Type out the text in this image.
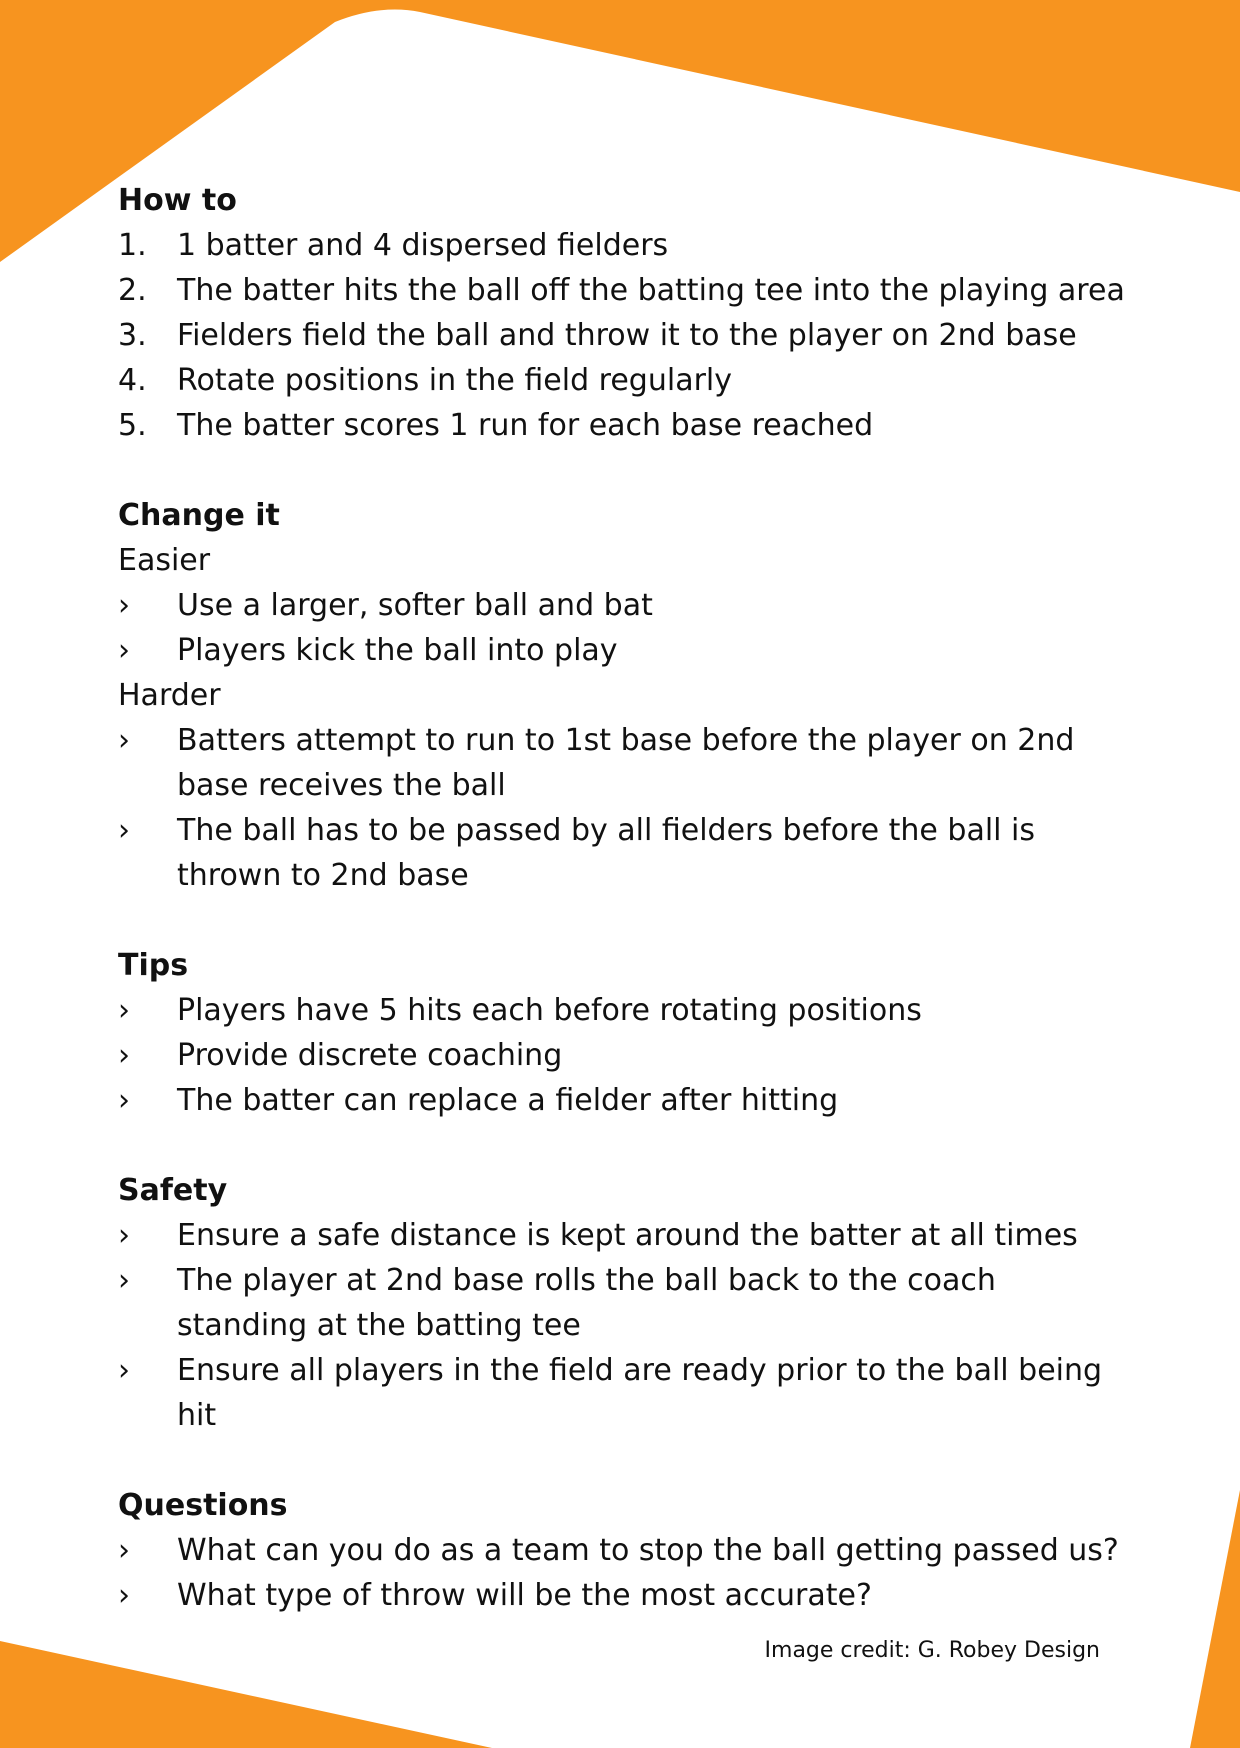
How to
1. 1 batter and 4 dispersed fielders
2. The batter hits the ball off the batting tee into the playing area
3. Fielders field the ball and throw it to the player on 2nd base
4. Rotate positions in the field regularly
5. The batter scores 1 run for each base reached
Change it
Easier
› Use a larger, softer ball and bat
› Players kick the ball into play
Harder
› Batters attempt to run to 1st base before the player on 2nd base receives the ball
› The ball has to be passed by all fielders before the ball is thrown to 2nd base
Tips
› Players have 5 hits each before rotating positions
› Provide discrete coaching
› The batter can replace a fielder after hitting
Safety
› Ensure a safe distance is kept around the batter at all times
› The player at 2nd base rolls the ball back to the coach standing at the batting tee
› Ensure all players in the field are ready prior to the ball being hit
Questions
› What can you do as a team to stop the ball getting passed us?
› What type of throw will be the most accurate?
Image credit: G. Robey Design
